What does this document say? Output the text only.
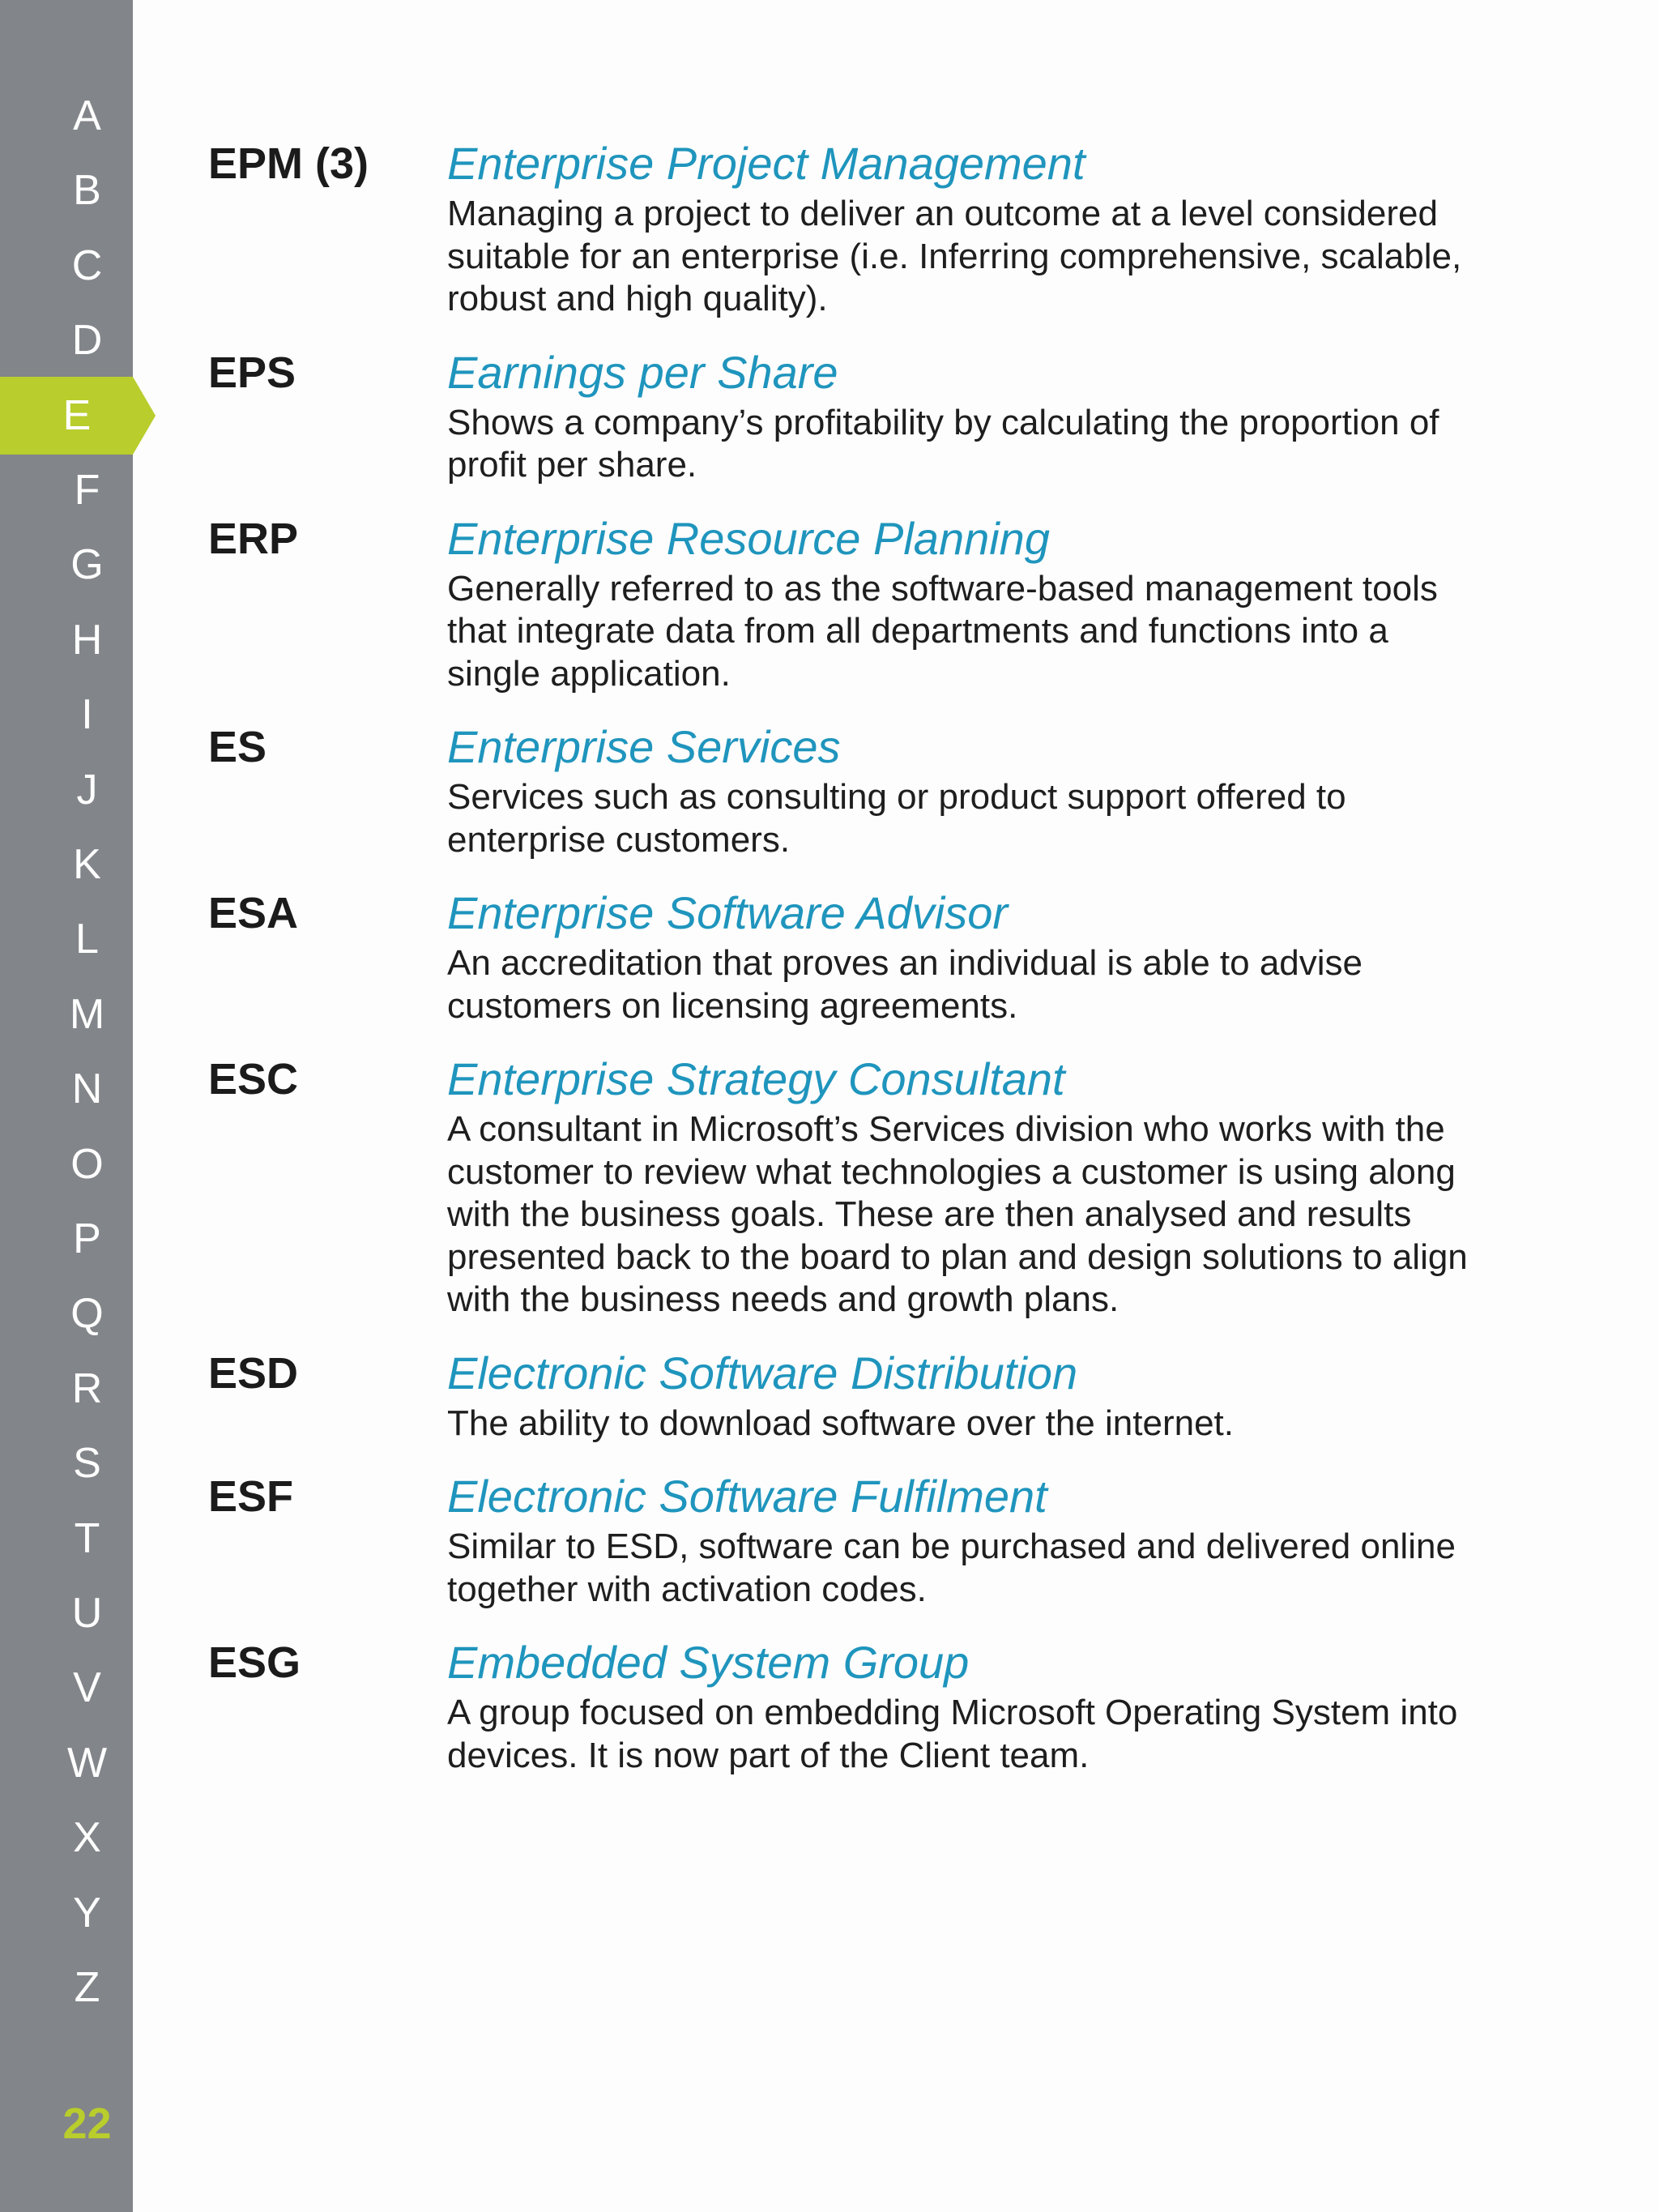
A
B
C
D
E
F
G
H
I
J
K
L
M
N
O
P
Q
R
S
T
U
V
W
X
Y
Z
22
EPM (3)	Enterprise Project Management
Managing a project to deliver an outcome at a level considered suitable for an enterprise (i.e. Inferring comprehensive, scalable, robust and high quality).
EPS	Earnings per Share
Shows a company’s profitability by calculating the proportion of profit per share.
ERP	Enterprise Resource Planning
Generally referred to as the software-based management tools that integrate data from all departments and functions into a single application.
ES	Enterprise Services
Services such as consulting or product support offered to enterprise customers.
ESA	Enterprise Software Advisor
An accreditation that proves an individual is able to advise customers on licensing agreements.
ESC	Enterprise Strategy Consultant
A consultant in Microsoft’s Services division who works with the customer to review what technologies a customer is using along with the business goals. These are then analysed and results presented back to the board to plan and design solutions to align with the business needs and growth plans.
ESD	Electronic Software Distribution
The ability to download software over the internet.
ESF	Electronic Software Fulfilment
Similar to ESD, software can be purchased and delivered online together with activation codes.
ESG	Embedded System Group
A group focused on embedding Microsoft Operating System into devices. It is now part of the Client team.
